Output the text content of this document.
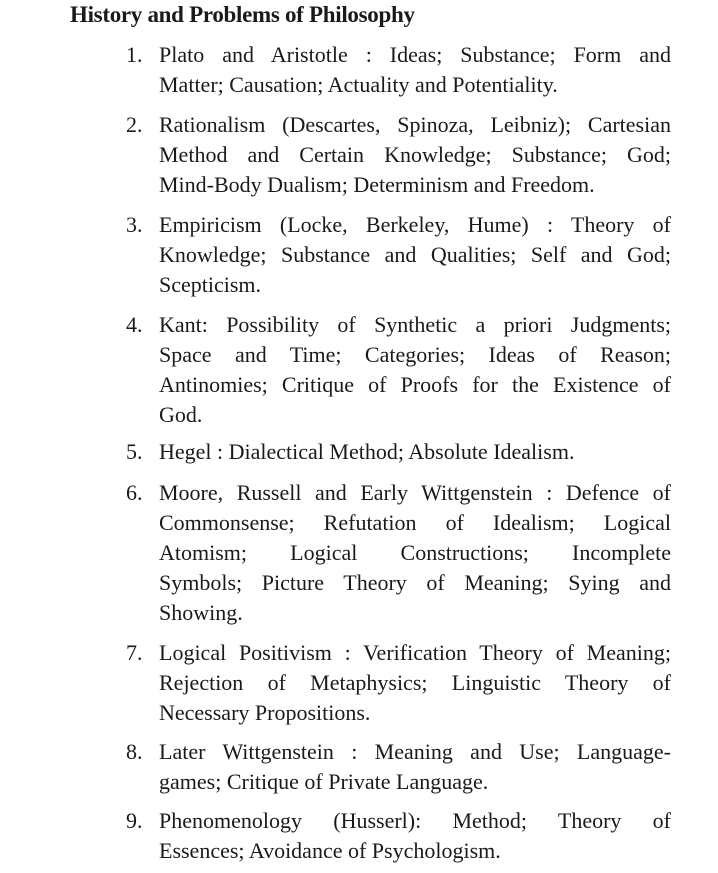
History and Problems of Philosophy
1. Plato and Aristotle : Ideas; Substance; Form and
Matter; Causation; Actuality and Potentiality.
2. Rationalism (Descartes, Spinoza, Leibniz); Cartesian
Method and Certain Knowledge; Substance; God;
Mind-Body Dualism; Determinism and Freedom.
3. Empiricism (Locke, Berkeley, Hume) : Theory of
Knowledge; Substance and Qualities; Self and God;
Scepticism.
4. Kant: Possibility of Synthetic a priori Judgments;
Space and Time; Categories; Ideas of Reason;
Antinomies; Critique of Proofs for the Existence of
God.
5. Hegel : Dialectical Method; Absolute Idealism.
6. Moore, Russell and Early Wittgenstein : Defence of
Commonsense; Refutation of Idealism; Logical
Atomism; Logical Constructions; Incomplete
Symbols; Picture Theory of Meaning; Sying and
Showing.
7. Logical Positivism : Verification Theory of Meaning;
Rejection of Metaphysics; Linguistic Theory of
Necessary Propositions.
8. Later Wittgenstein : Meaning and Use; Language-
games; Critique of Private Language.
9. Phenomenology (Husserl): Method; Theory of
Essences; Avoidance of Psychologism.
